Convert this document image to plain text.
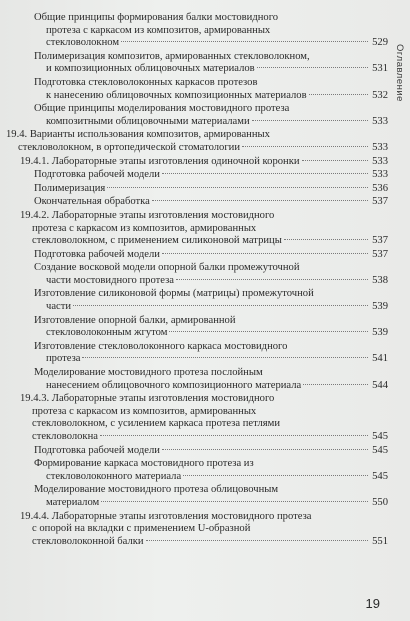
Оглавление
Общие принципы формирования балки мостовидного
протеза с каркасом из композитов, армированных
стекловолокном	529
Полимеризация композитов, армированных стекловолокном,
и композиционных облицовочных материалов	531
Подготовка стекловолоконных каркасов протезов
к нанесению облицовочных композиционных материалов	532
Общие принципы моделирования мостовидного протеза
композитными облицовочными материалами	533
19.4. Варианты использования композитов, армированных
стекловолокном, в ортопедической стоматологии	533
19.4.1. Лабораторные этапы изготовления одиночной коронки	533
Подготовка рабочей модели	533
Полимеризация	536
Окончательная обработка	537
19.4.2. Лабораторные этапы изготовления мостовидного
протеза с каркасом из композитов, армированных
стекловолокном, с применением силиконовой матрицы	537
Подготовка рабочей модели	537
Создание восковой модели опорной балки промежуточной
части мостовидного протеза	538
Изготовление силиконовой формы (матрицы) промежуточной
части	539
Изготовление опорной балки, армированной
стекловолоконным жгутом	539
Изготовление стекловолоконного каркаса мостовидного
протеза	541
Моделирование мостовидного протеза послойным
нанесением облицовочного композиционного материала	544
19.4.3. Лабораторные этапы изготовления мостовидного
протеза с каркасом из композитов, армированных
стекловолокном, с усилением каркаса протеза петлями
стекловолокна	545
Подготовка рабочей модели	545
Формирование каркаса мостовидного протеза из
стекловолоконного материала	545
Моделирование мостовидного протеза облицовочным
материалом	550
19.4.4. Лабораторные этапы изготовления мостовидного протеза
с опорой на вкладки с применением U-образной
стекловолоконной балки	551
19
